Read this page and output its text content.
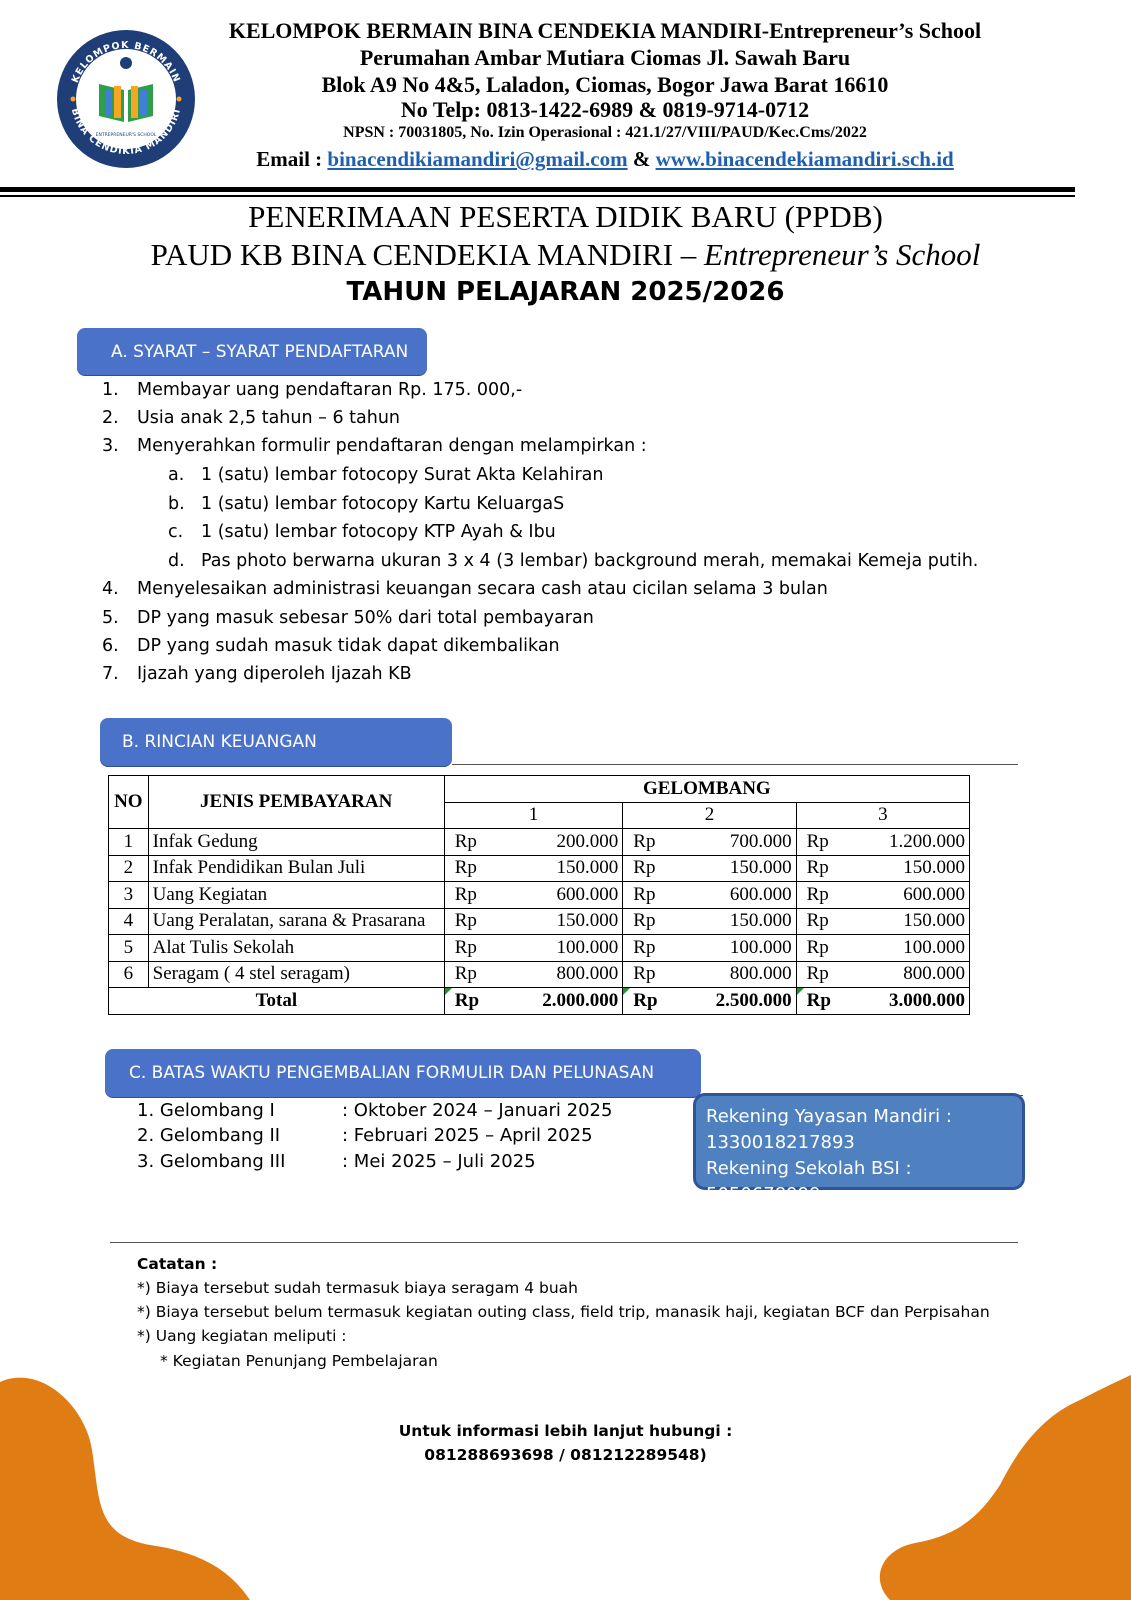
KELOMPOK BERMAIN
BINA CENDIKIA MANDIRI
ENTREPRENEUR'S SCHOOL
KELOMPOK BERMAIN BINA CENDEKIA MANDIRI-Entrepreneur’s School
Perumahan Ambar Mutiara Ciomas Jl. Sawah Baru
Blok A9 No 4&5, Laladon, Ciomas, Bogor Jawa Barat 16610
No Telp: 0813-1422-6989 & 0819-9714-0712
NPSN : 70031805, No. Izin Operasional : 421.1/27/VIII/PAUD/Kec.Cms/2022
Email : binacendikiamandiri@gmail.com & www.binacendekiamandiri.sch.id
PENERIMAAN PESERTA DIDIK BARU (PPDB)
PAUD KB BINA CENDEKIA MANDIRI – Entrepreneur’s School
TAHUN PELAJARAN 2025/2026
A. SYARAT – SYARAT PENDAFTARAN
1. Membayar uang pendaftaran Rp. 175. 000,-
2. Usia anak 2,5 tahun – 6 tahun
3. Menyerahkan formulir pendaftaran dengan melampirkan :
a. 1 (satu) lembar fotocopy Surat Akta Kelahiran
b. 1 (satu) lembar fotocopy Kartu KeluargaS
c. 1 (satu) lembar fotocopy KTP Ayah & Ibu
d. Pas photo berwarna ukuran 3 x 4 (3 lembar) background merah, memakai Kemeja putih.
4. Menyelesaikan administrasi keuangan secara cash atau cicilan selama 3 bulan
5. DP yang masuk sebesar 50% dari total pembayaran
6. DP yang sudah masuk tidak dapat dikembalikan
7. Ijazah yang diperoleh Ijazah KB
B. RINCIAN KEUANGAN
NO	JENIS PEMBAYARAN	GELOMBANG					
		1		2		3	
1	Infak Gedung	Rp	200.000	Rp	700.000	Rp	1.200.000
2	Infak Pendidikan Bulan Juli	Rp	150.000	Rp	150.000	Rp	150.000
3	Uang Kegiatan	Rp	600.000	Rp	600.000	Rp	600.000
4	Uang Peralatan, sarana & Prasarana	Rp	150.000	Rp	150.000	Rp	150.000
5	Alat Tulis Sekolah	Rp	100.000	Rp	100.000	Rp	100.000
6	Seragam ( 4 stel seragam)	Rp	800.000	Rp	800.000	Rp	800.000
Total		Rp	2.000.000	Rp	2.500.000	Rp	3.000.000
C. BATAS WAKTU PENGEMBALIAN FORMULIR DAN PELUNASAN
1. Gelombang I	: Oktober 2024 – Januari 2025
2. Gelombang II	: Februari 2025 – April 2025
3. Gelombang III	: Mei 2025 – Juli 2025
Rekening Yayasan Mandiri :
1330018217893
Rekening Sekolah BSI : 5050678999
Catatan :
*) Biaya tersebut sudah termasuk biaya seragam 4 buah
*) Biaya tersebut belum termasuk kegiatan outing class, field trip, manasik haji, kegiatan BCF dan Perpisahan
*) Uang kegiatan meliputi :
* Kegiatan Penunjang Pembelajaran
Untuk informasi lebih lanjut hubungi :
081288693698 / 081212289548)
